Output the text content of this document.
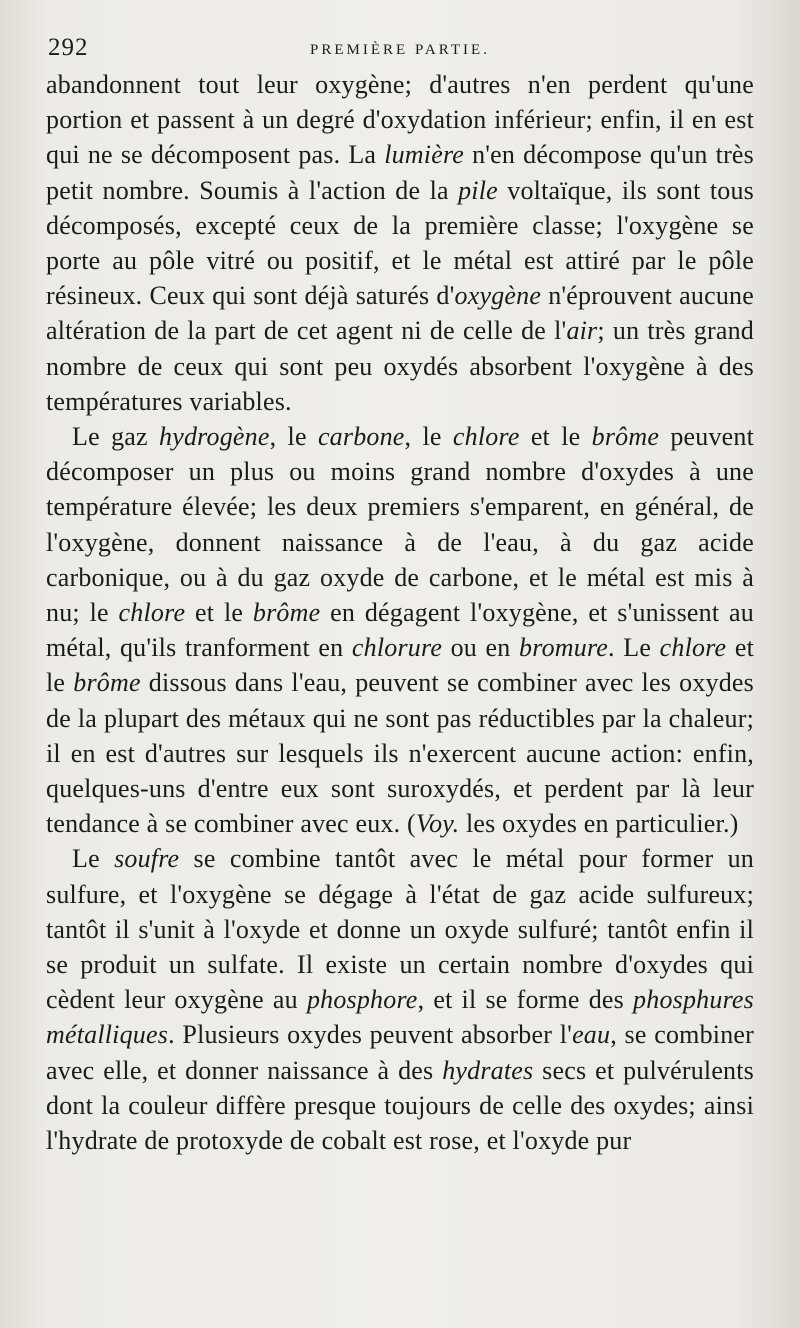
292	PREMIÈRE PARTIE.

abandonnent tout leur oxygène; d'autres n'en perdent qu'une portion et passent à un degré d'oxydation inférieur; enfin, il en est qui ne se décomposent pas. La lumière n'en décompose qu'un très petit nombre. Soumis à l'action de la pile voltaïque, ils sont tous décomposés, excepté ceux de la première classe; l'oxygène se porte au pôle vitré ou positif, et le métal est attiré par le pôle résineux. Ceux qui sont déjà saturés d'oxygène n'éprouvent aucune altération de la part de cet agent ni de celle de l'air; un très grand nombre de ceux qui sont peu oxydés absorbent l'oxygène à des températures variables.

Le gaz hydrogène, le carbone, le chlore et le brôme peuvent décomposer un plus ou moins grand nombre d'oxydes à une température élevée; les deux premiers s'emparent, en général, de l'oxygène, donnent naissance à de l'eau, à du gaz acide carbonique, ou à du gaz oxyde de carbone, et le métal est mis à nu; le chlore et le brôme en dégagent l'oxygène, et s'unissent au métal, qu'ils tranforment en chlorure ou en bromure. Le chlore et le brôme dissous dans l'eau, peuvent se combiner avec les oxydes de la plupart des métaux qui ne sont pas réductibles par la chaleur; il en est d'autres sur lesquels ils n'exercent aucune action: enfin, quelques-uns d'entre eux sont suroxydés, et perdent par là leur tendance à se combiner avec eux. (Voy. les oxydes en particulier.)

Le soufre se combine tantôt avec le métal pour former un sulfure, et l'oxygène se dégage à l'état de gaz acide sulfureux; tantôt il s'unit à l'oxyde et donne un oxyde sulfuré; tantôt enfin il se produit un sulfate. Il existe un certain nombre d'oxydes qui cèdent leur oxygène au phosphore, et il se forme des phosphures métalliques. Plusieurs oxydes peuvent absorber l'eau, se combiner avec elle, et donner naissance à des hydrates secs et pulvérulents dont la couleur diffère presque toujours de celle des oxydes; ainsi l'hydrate de protoxyde de cobalt est rose, et l'oxyde pur
